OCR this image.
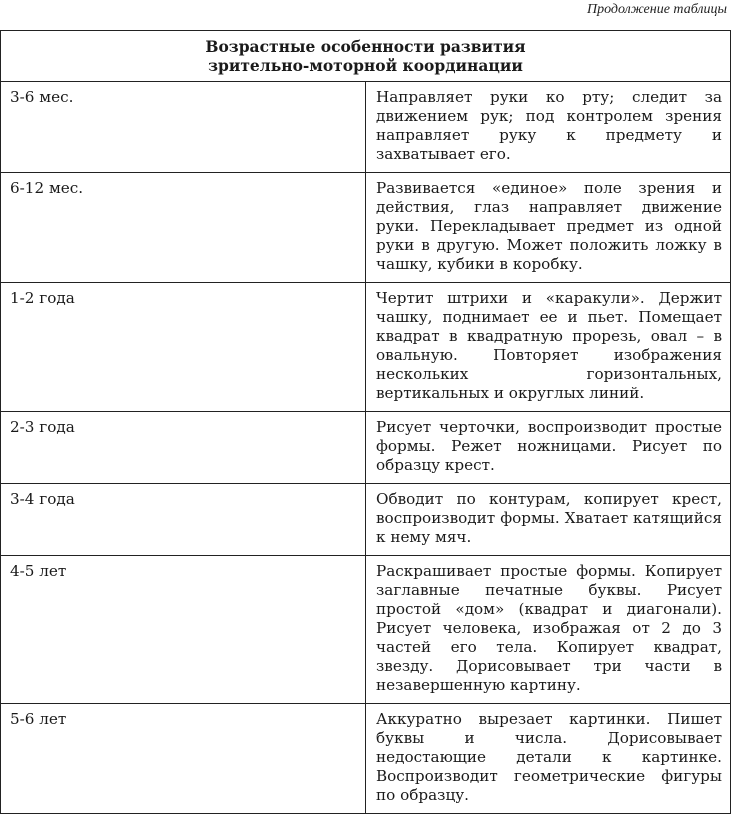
Продолжение таблицы
Возрастные особенности развития
зрительно-моторной координации	
3-6 мес.	Направляет руки ко рту; следит за движением рук; под контролем зрения направляет руку к предмету и захватывает его.
6-12 мес.	Развивается «единое» поле зрения и действия, глаз направляет движение руки. Перекладывает предмет из одной руки в другую. Может положить ложку в чашку, кубики в коробку.
1-2 года	Чертит штрихи и «каракули». Держит чашку, поднимает ее и пьет. Помещает квадрат в квадратную прорезь, овал – в овальную. Повторяет изображения нескольких горизонтальных, вертикальных и округлых линий.
2-3 года	Рисует черточки, воспроизводит простые формы. Режет ножницами. Рисует по образцу крест.
3-4 года	Обводит по контурам, копирует крест, воспроизводит формы. Хватает катящийся к нему мяч.
4-5 лет	Раскрашивает простые формы. Копирует заглавные печатные буквы. Рисует простой «дом» (квадрат и диагонали). Рисует человека, изображая от 2 до 3 частей его тела. Копирует квадрат, звезду. Дорисовывает три части в незавершенную картину.
5-6 лет	Аккуратно вырезает картинки. Пишет буквы и числа. Дорисовывает недостающие детали к картинке. Воспроизводит геометрические фигуры по образцу.
